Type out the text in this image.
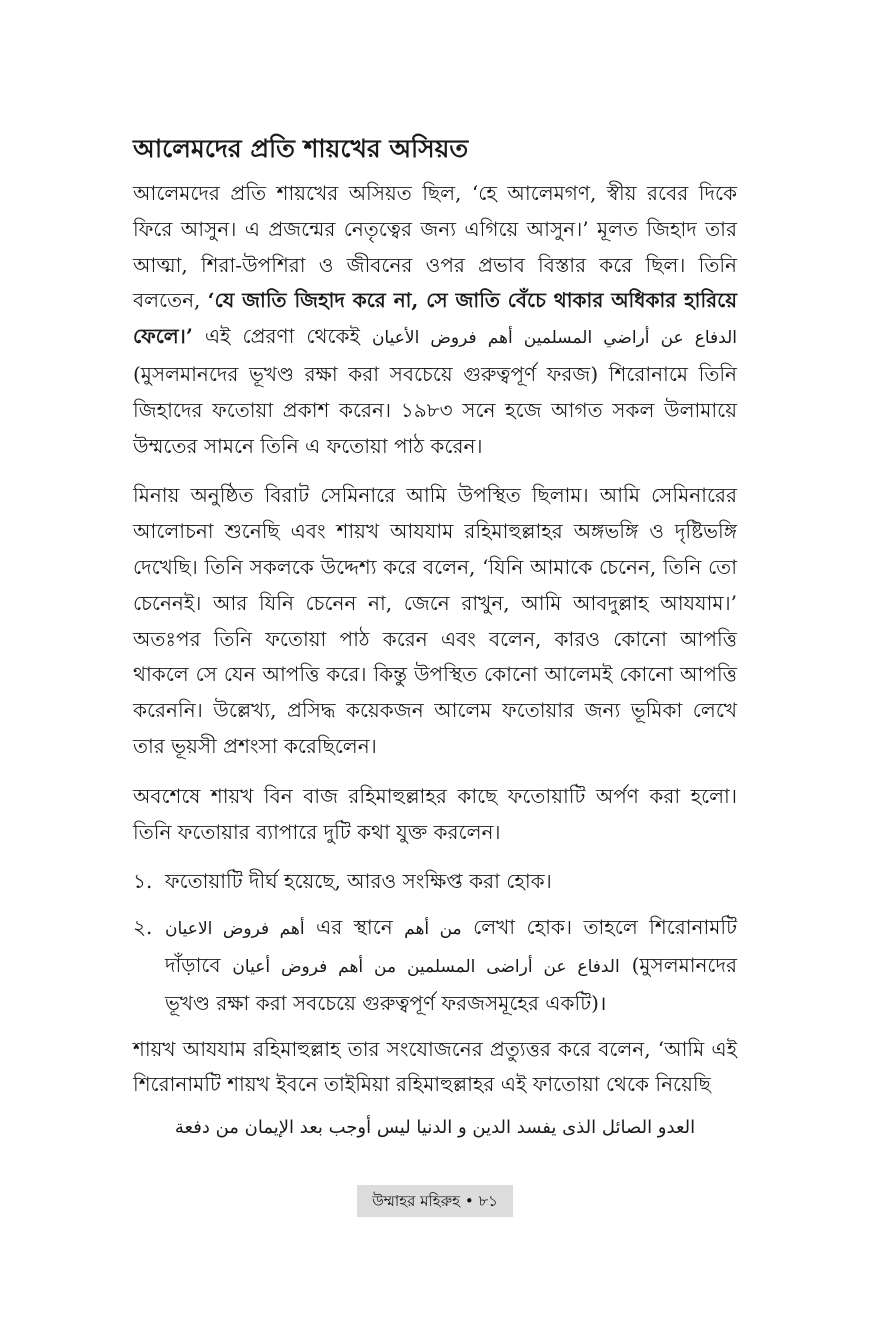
আলেমদের প্রতি শায়খের অসিয়ত

আলেমদের প্রতি শায়খের অসিয়ত ছিল, ‘হে আলেমগণ, স্বীয় রবের দিকে ফিরে আসুন। এ প্রজন্মের নেতৃত্বের জন্য এগিয়ে আসুন।’ মূলত জিহাদ তার আত্মা, শিরা-উপশিরা ও জীবনের ওপর প্রভাব বিস্তার করে ছিল। তিনি বলতেন, ‘যে জাতি জিহাদ করে না, সে জাতি বেঁচে থাকার অধিকার হারিয়ে ফেলে।’ এই প্রেরণা থেকেই الدفاع عن أراضي المسلمين أهم فروض الأعيان (মুসলমানদের ভূখণ্ড রক্ষা করা সবচেয়ে গুরুত্বপূর্ণ ফরজ) শিরোনামে তিনি জিহাদের ফতোয়া প্রকাশ করেন। ১৯৮৩ সনে হজে আগত সকল উলামায়ে উম্মতের সামনে তিনি এ ফতোয়া পাঠ করেন।

মিনায় অনুষ্ঠিত বিরাট সেমিনারে আমি উপস্থিত ছিলাম। আমি সেমিনারের আলোচনা শুনেছি এবং শায়খ আযযাম রহিমাহুল্লাহর অঙ্গভঙ্গি ও দৃষ্টিভঙ্গি দেখেছি। তিনি সকলকে উদ্দেশ্য করে বলেন, ‘যিনি আমাকে চেনেন, তিনি তো চেনেনই। আর যিনি চেনেন না, জেনে রাখুন, আমি আবদুল্লাহ আযযাম।’ অতঃপর তিনি ফতোয়া পাঠ করেন এবং বলেন, কারও কোনো আপত্তি থাকলে সে যেন আপত্তি করে। কিন্তু উপস্থিত কোনো আলেমই কোনো আপত্তি করেননি। উল্লেখ্য, প্রসিদ্ধ কয়েকজন আলেম ফতোয়ার জন্য ভূমিকা লেখে তার ভূয়সী প্রশংসা করেছিলেন।

অবশেষে শায়খ বিন বাজ রহিমাহুল্লাহর কাছে ফতোয়াটি অর্পণ করা হলো। তিনি ফতোয়ার ব্যাপারে দুটি কথা যুক্ত করলেন।

১. ফতোয়াটি দীর্ঘ হয়েছে, আরও সংক্ষিপ্ত করা হোক।
২. أهم فروض الاعيان এর স্থানে من أهم লেখা হোক। তাহলে শিরোনামটি দাঁড়াবে الدفاع عن أراضى المسلمين من أهم فروض أعيان (মুসলমানদের ভূখণ্ড রক্ষা করা সবচেয়ে গুরুত্বপূর্ণ ফরজসমূহের একটি)।

শায়খ আযযাম রহিমাহুল্লাহ তার সংযোজনের প্রত্যুত্তর করে বলেন, ‘আমি এই শিরোনামটি শায়খ ইবনে তাইমিয়া রহিমাহুল্লাহর এই ফাতোয়া থেকে নিয়েছি

العدو الصائل الذى يفسد الدين و الدنيا ليس أوجب بعد الإيمان من دفعة
উম্মাহর মহিরুহ • ৮১
